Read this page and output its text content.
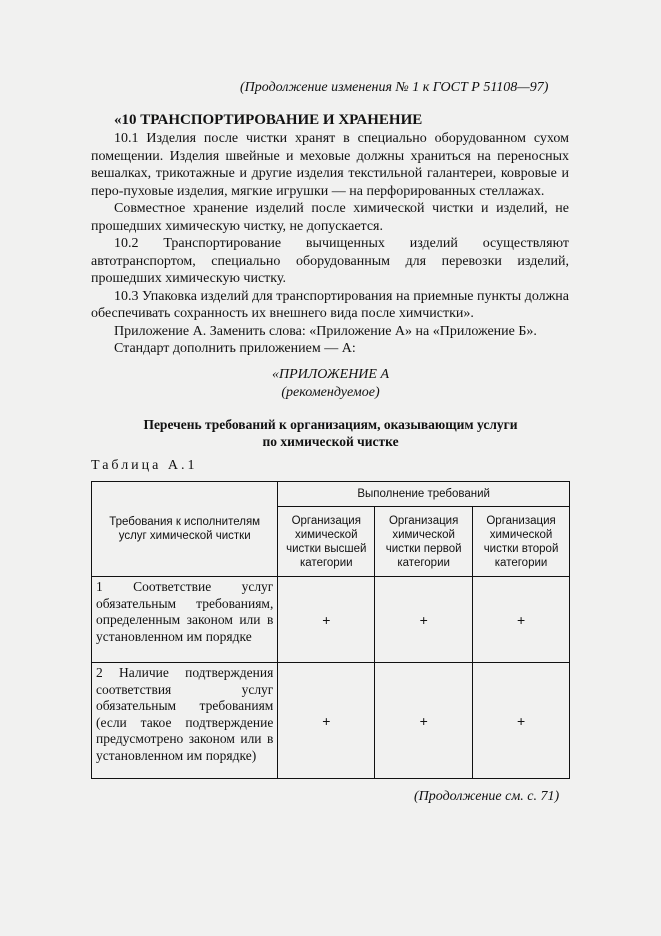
(Продолжение изменения № 1 к ГОСТ Р 51108—97)
«10 ТРАНСПОРТИРОВАНИЕ И ХРАНЕНИЕ

10.1 Изделия после чистки хранят в специально оборудованном сухом помещении. Изделия швейные и меховые должны храниться на переносных вешалках, трикотажные и другие изделия текстильной галантереи, ковровые и перо-пуховые изделия, мягкие игрушки — на перфорированных стеллажах.

Совместное хранение изделий после химической чистки и изделий, не прошедших химическую чистку, не допускается.

10.2 Транспортирование вычищенных изделий осуществляют автотранспортом, специально оборудованным для перевозки изделий, прошедших химическую чистку.

10.3 Упаковка изделий для транспортирования на приемные пункты должна обеспечивать сохранность их внешнего вида после химчистки».

Приложение А. Заменить слова: «Приложение А» на «Приложение Б».

Стандарт дополнить приложением — А:

«ПРИЛОЖЕНИЕ А
(рекомендуемое)
Перечень требований к организациям, оказывающим услуги
по химической чистке
Таблица А.1
Требования к исполнителям услуг химической чистки	Выполнение требований		
	Организация химической чистки высшей категории	Организация химической чистки первой категории	Организация химической чистки второй категории
1 Соответствие услуг обязательным требованиям, определенным законом или в установленном им порядке	+	+	+
2 Наличие подтверждения соответствия услуг обязательным требованиям (если такое подтверждение предусмотрено законом или в установленном им порядке)	+	+	+
(Продолжение см. с. 71)
